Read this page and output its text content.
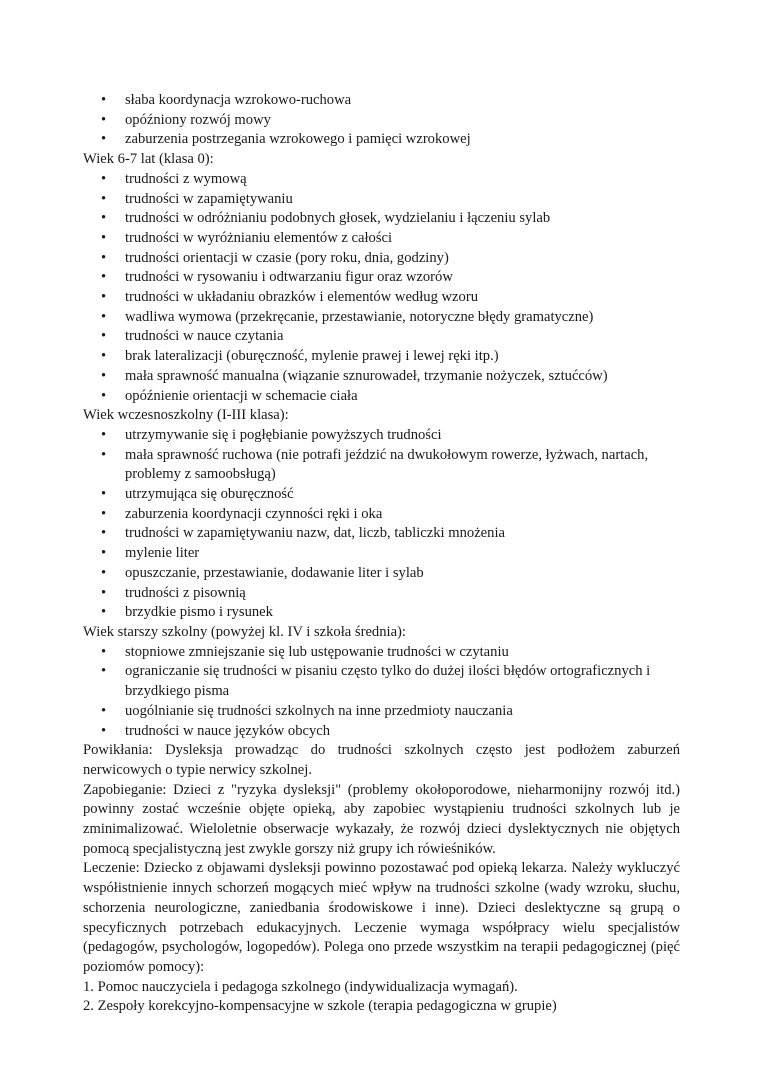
• słaba koordynacja wzrokowo-ruchowa
• opóźniony rozwój mowy
• zaburzenia postrzegania wzrokowego i pamięci wzrokowej

Wiek 6-7 lat (klasa 0):

• trudności z wymową
• trudności w zapamiętywaniu
• trudności w odróżnianiu podobnych głosek, wydzielaniu i łączeniu sylab
• trudności w wyróżnianiu elementów z całości
• trudności orientacji w czasie (pory roku, dnia, godziny)
• trudności w rysowaniu i odtwarzaniu figur oraz wzorów
• trudności w układaniu obrazków i elementów według wzoru
• wadliwa wymowa (przekręcanie, przestawianie, notoryczne błędy gramatyczne)
• trudności w nauce czytania
• brak lateralizacji (oburęczność, mylenie prawej i lewej ręki itp.)
• mała sprawność manualna (wiązanie sznurowadeł, trzymanie nożyczek, sztućców)
• opóźnienie orientacji w schemacie ciała

Wiek wczesnoszkolny (I-III klasa):

• utrzymywanie się i pogłębianie powyższych trudności
• mała sprawność ruchowa (nie potrafi jeździć na dwukołowym rowerze, łyżwach, nartach, problemy z samoobsługą)
• utrzymująca się oburęczność
• zaburzenia koordynacji czynności ręki i oka
• trudności w zapamiętywaniu nazw, dat, liczb, tabliczki mnożenia
• mylenie liter
• opuszczanie, przestawianie, dodawanie liter i sylab
• trudności z pisownią
• brzydkie pismo i rysunek

Wiek starszy szkolny (powyżej kl. IV i szkoła średnia):

• stopniowe zmniejszanie się lub ustępowanie trudności w czytaniu
• ograniczanie się trudności w pisaniu często tylko do dużej ilości błędów ortograficznych i brzydkiego pisma
• uogólnianie się trudności szkolnych na inne przedmioty nauczania
• trudności w nauce języków obcych

Powikłania: Dysleksja prowadząc do trudności szkolnych często jest podłożem zaburzeń nerwicowych o typie nerwicy szkolnej.

Zapobieganie: Dzieci z "ryzyka dysleksji" (problemy okołoporodowe, nieharmonijny rozwój itd.) powinny zostać wcześnie objęte opieką, aby zapobiec wystąpieniu trudności szkolnych lub je zminimalizować. Wieloletnie obserwacje wykazały, że rozwój dzieci dyslektycznych nie objętych pomocą specjalistyczną jest zwykle gorszy niż grupy ich rówieśników.

Leczenie: Dziecko z objawami dysleksji powinno pozostawać pod opieką lekarza. Należy wykluczyć współistnienie innych schorzeń mogących mieć wpływ na trudności szkolne (wady wzroku, słuchu, schorzenia neurologiczne, zaniedbania środowiskowe i inne). Dzieci deslektyczne są grupą o specyficznych potrzebach edukacyjnych. Leczenie wymaga współpracy wielu specjalistów (pedagogów, psychologów, logopedów). Polega ono przede wszystkim na terapii pedagogicznej (pięć poziomów pomocy):

1. Pomoc nauczyciela i pedagoga szkolnego (indywidualizacja wymagań).

2. Zespoły korekcyjno-kompensacyjne w szkole (terapia pedagogiczna w grupie)
